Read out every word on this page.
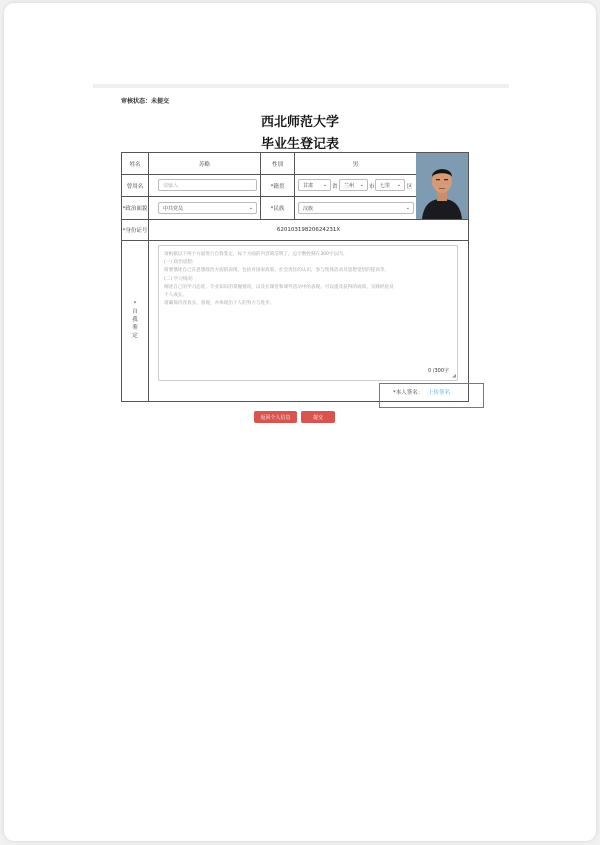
审核状态：未提交
西北师范大学
毕业生登记表
姓名	苏略	性别	男
曾用名	请输入	*籍贯	甘肃 ⌄ 省 兰州 ⌄ 市 七里 ⌄ 区
*政治面貌	中共党员	⌄	*民族	汉族	⌄
*身份证号	62010319820624231X
*
自
我
鉴
定
请根据以下两个方面进行自我鉴定，每个方面的内容简洁明了，总字数控制在300字以内。
(一) 政治思想:
简要描述自己在思想政治方面的表现，包括对国家政策、社会责任的认识，参与集体活动及思想觉悟的提高等。
(二) 学习情况:
阐述自己的学习态度、专业知识的掌握情况，以及在课堂和课外活动中的表现。可以提及获得的成绩、实践经验及
个人成长。
请确保内容真实、客观，并体现出个人的努力与进步。
0 /300字
◢
*本人签名： 上传签名
返回个人信息	提交
